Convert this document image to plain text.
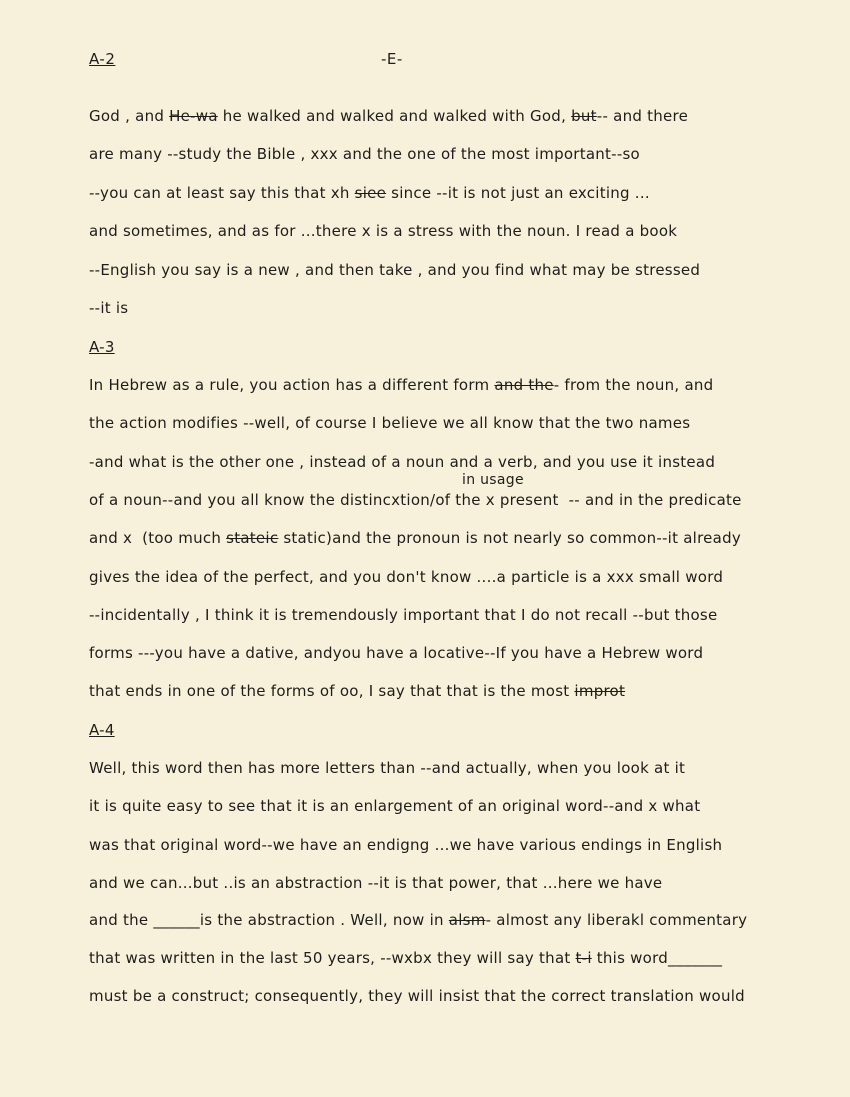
A-2	-E-
God , and He-wa he walked and walked and walked with God, but-- and there
are many --study the Bible , xxx and the one of the most important--so
--you can at least say this that xh siee since --it is not just an exciting ...
and sometimes, and as for ...there x is a stress with the noun. I read a book
--English you say is a new , and then take , and you find what may be stressed
--it is
A-3
In Hebrew as a rule, you action has a different form and the- from the noun, and
the action modifies --well, of course I believe we all know that the two names
-and what is the other one , instead of a noun and a verb, and you use it instead
in usage
of a noun--and you all know the distincxtion/of the x present  -- and in the predicate
and x  (too much stateic static)and the pronoun is not nearly so common--it already
gives the idea of the perfect, and you don't know ....a particle is a xxx small word
--incidentally , I think it is tremendously important that I do not recall --but those
forms ---you have a dative, andyou have a locative--If you have a Hebrew word
that ends in one of the forms of oo, I say that that is the most improt
A-4
Well, this word then has more letters than --and actually, when you look at it
it is quite easy to see that it is an enlargement of an original word--and x what
was that original word--we have an endigng ...we have various endings in English
and we can...but ..is an abstraction --it is that power, that ...here we have
and the ______is the abstraction . Well, now in alsm- almost any liberakl commentary
that was written in the last 50 years, --wxbx they will say that t-i this word_______
must be a construct; consequently, they will insist that the correct translation would
